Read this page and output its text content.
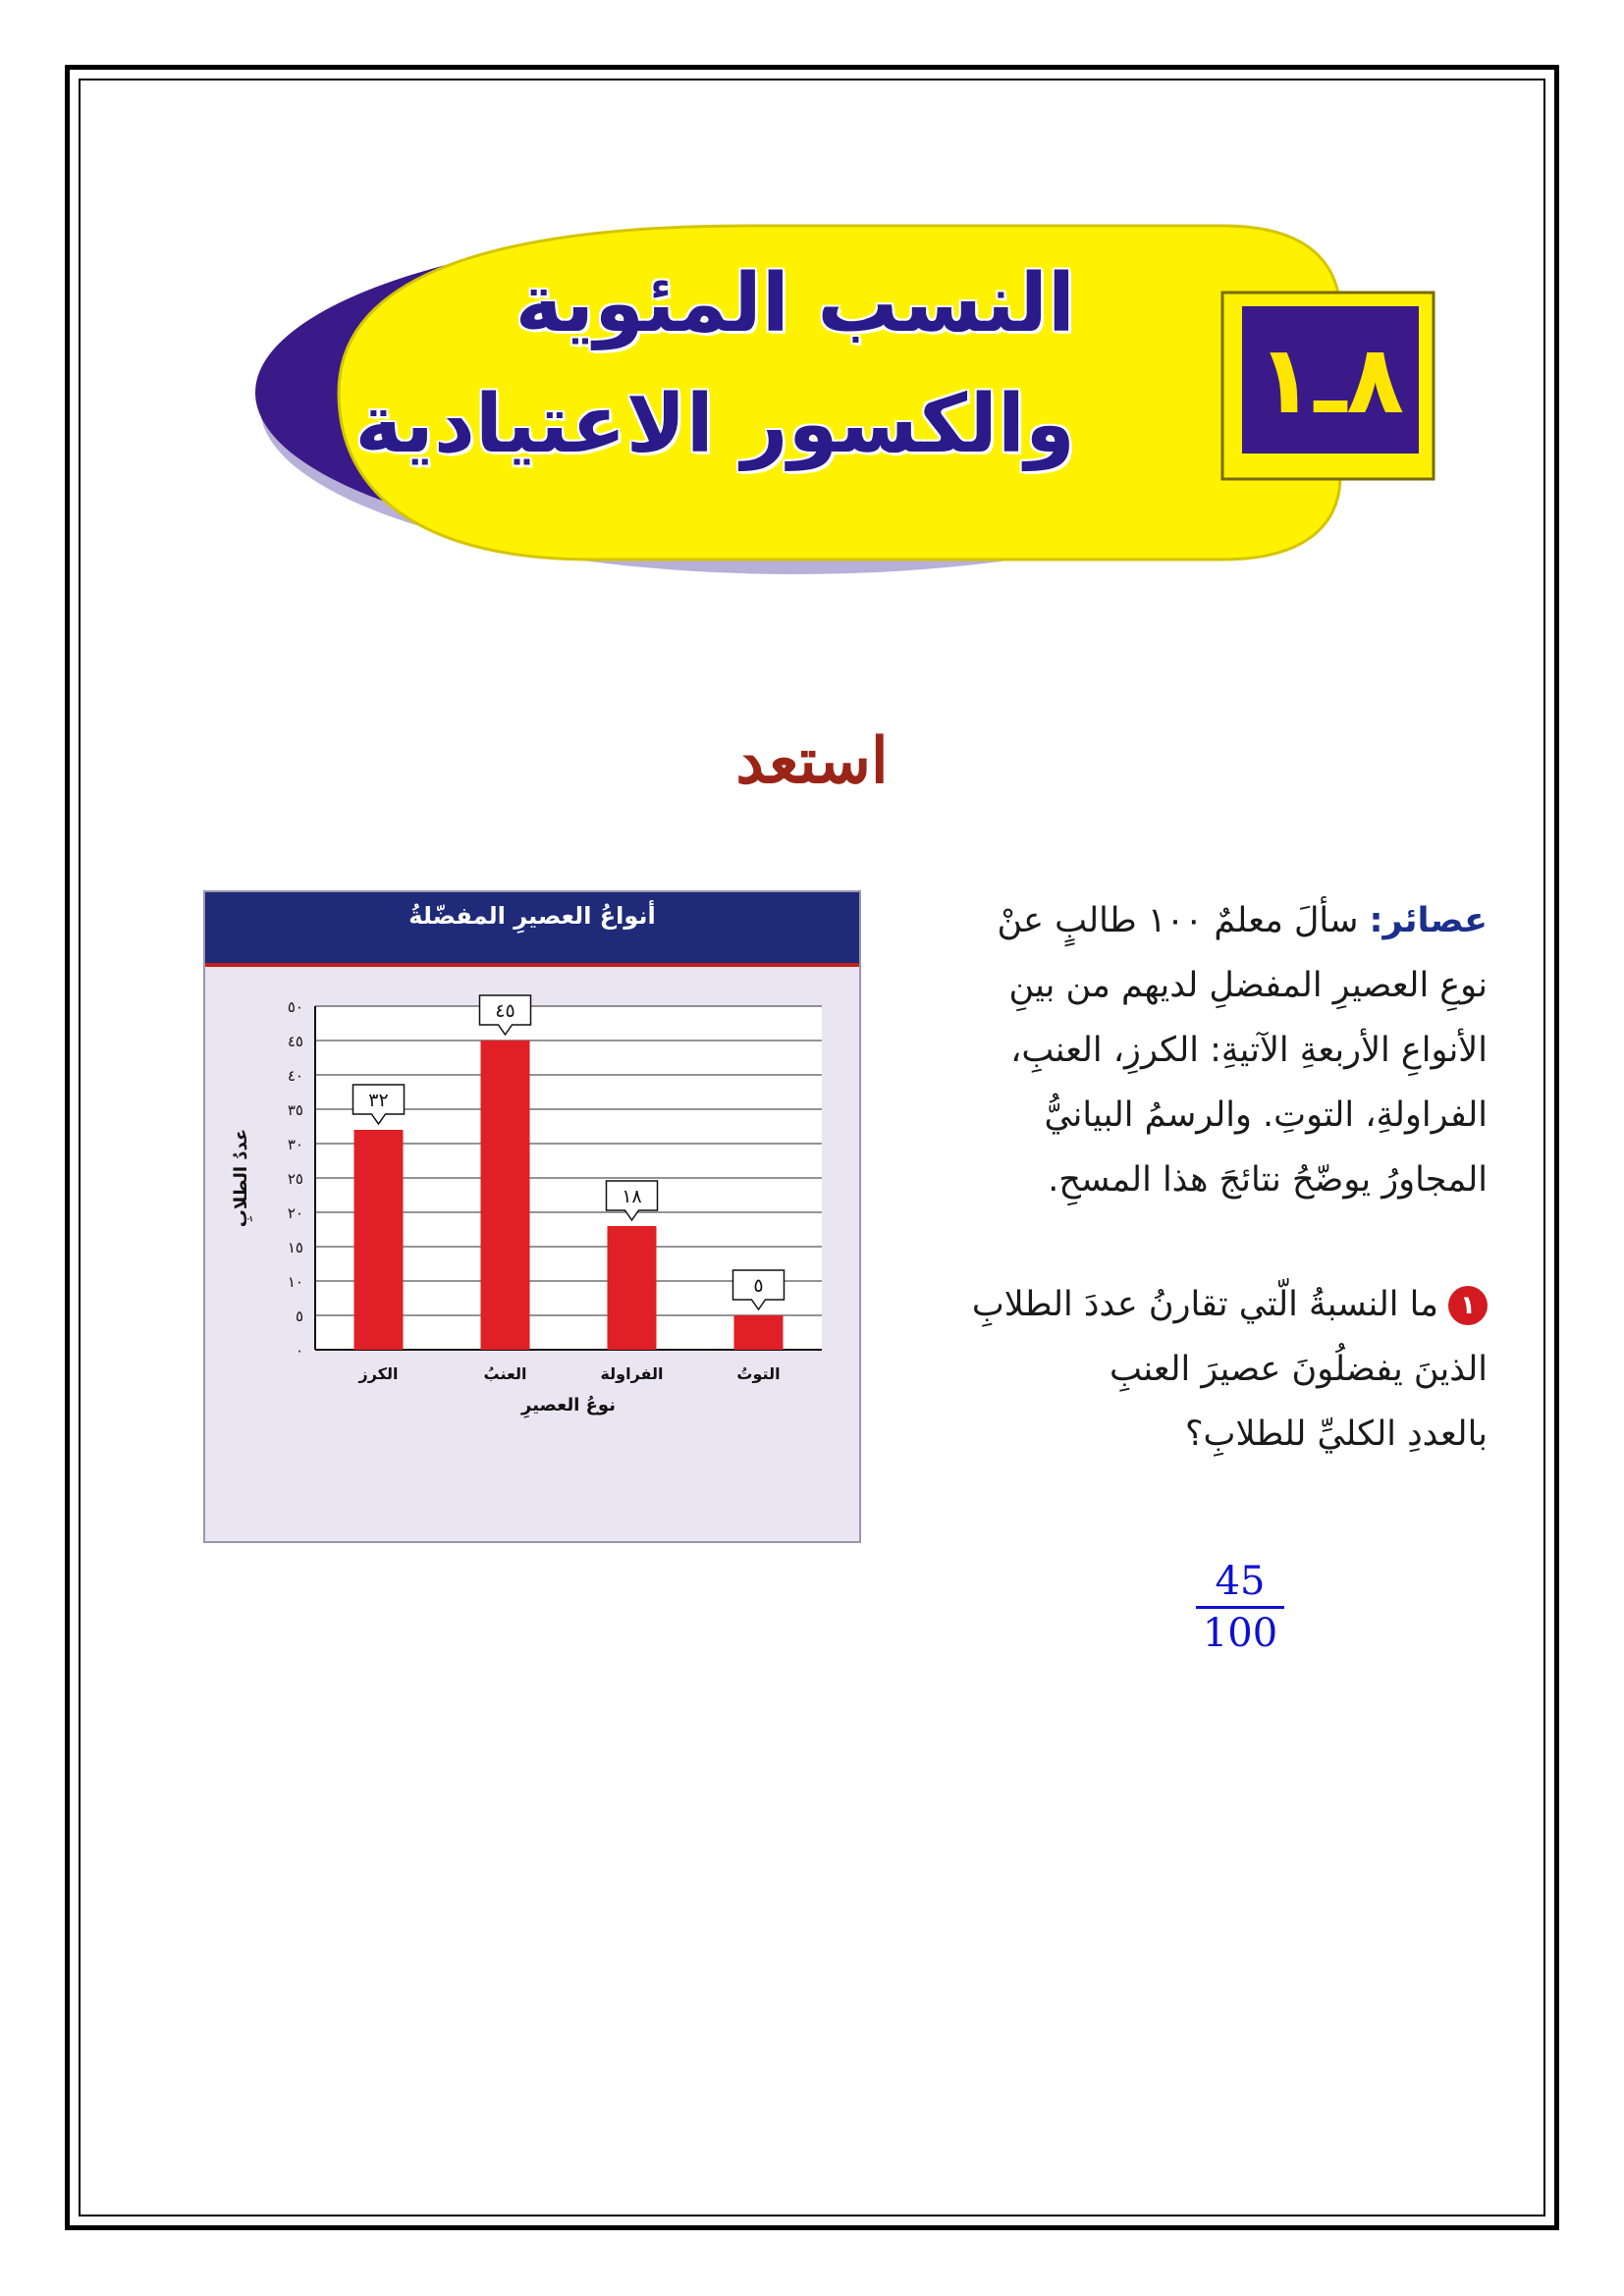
النسب المئوية
والكسور الاعتيادية ٨ـ١
استعد
عصائر: سألَ معلمٌ ١٠٠ طالبٍ عنْ
نوعِ العصيرِ المفضلِ لديهم من بينِ
الأنواعِ الأربعةِ الآتيةِ: الكرزِ، العنبِ،
الفراولةِ، التوتِ. والرسمُ البيانيُّ
المجاورُ يوضّحُ نتائجَ هذا المسحِ.
١ما النسبةُ الّتي تقارنُ عددَ الطلابِ
الذينَ يفضلُونَ عصيرَ العنبِ
بالعددِ الكليِّ للطلابِ؟
45
100
أنواعُ العصيرِ المفضّلةُ
٠
٥
١٠
١٥
٢٠
٢٥
٣٠
٣٥
٤٠
٤٥
٥٠
٣٢
الكرز
٤٥
العنبُ
١٨
الفراولة
٥
التوتُ
نوعُ العصيرِ
عددُ الطلابِ
